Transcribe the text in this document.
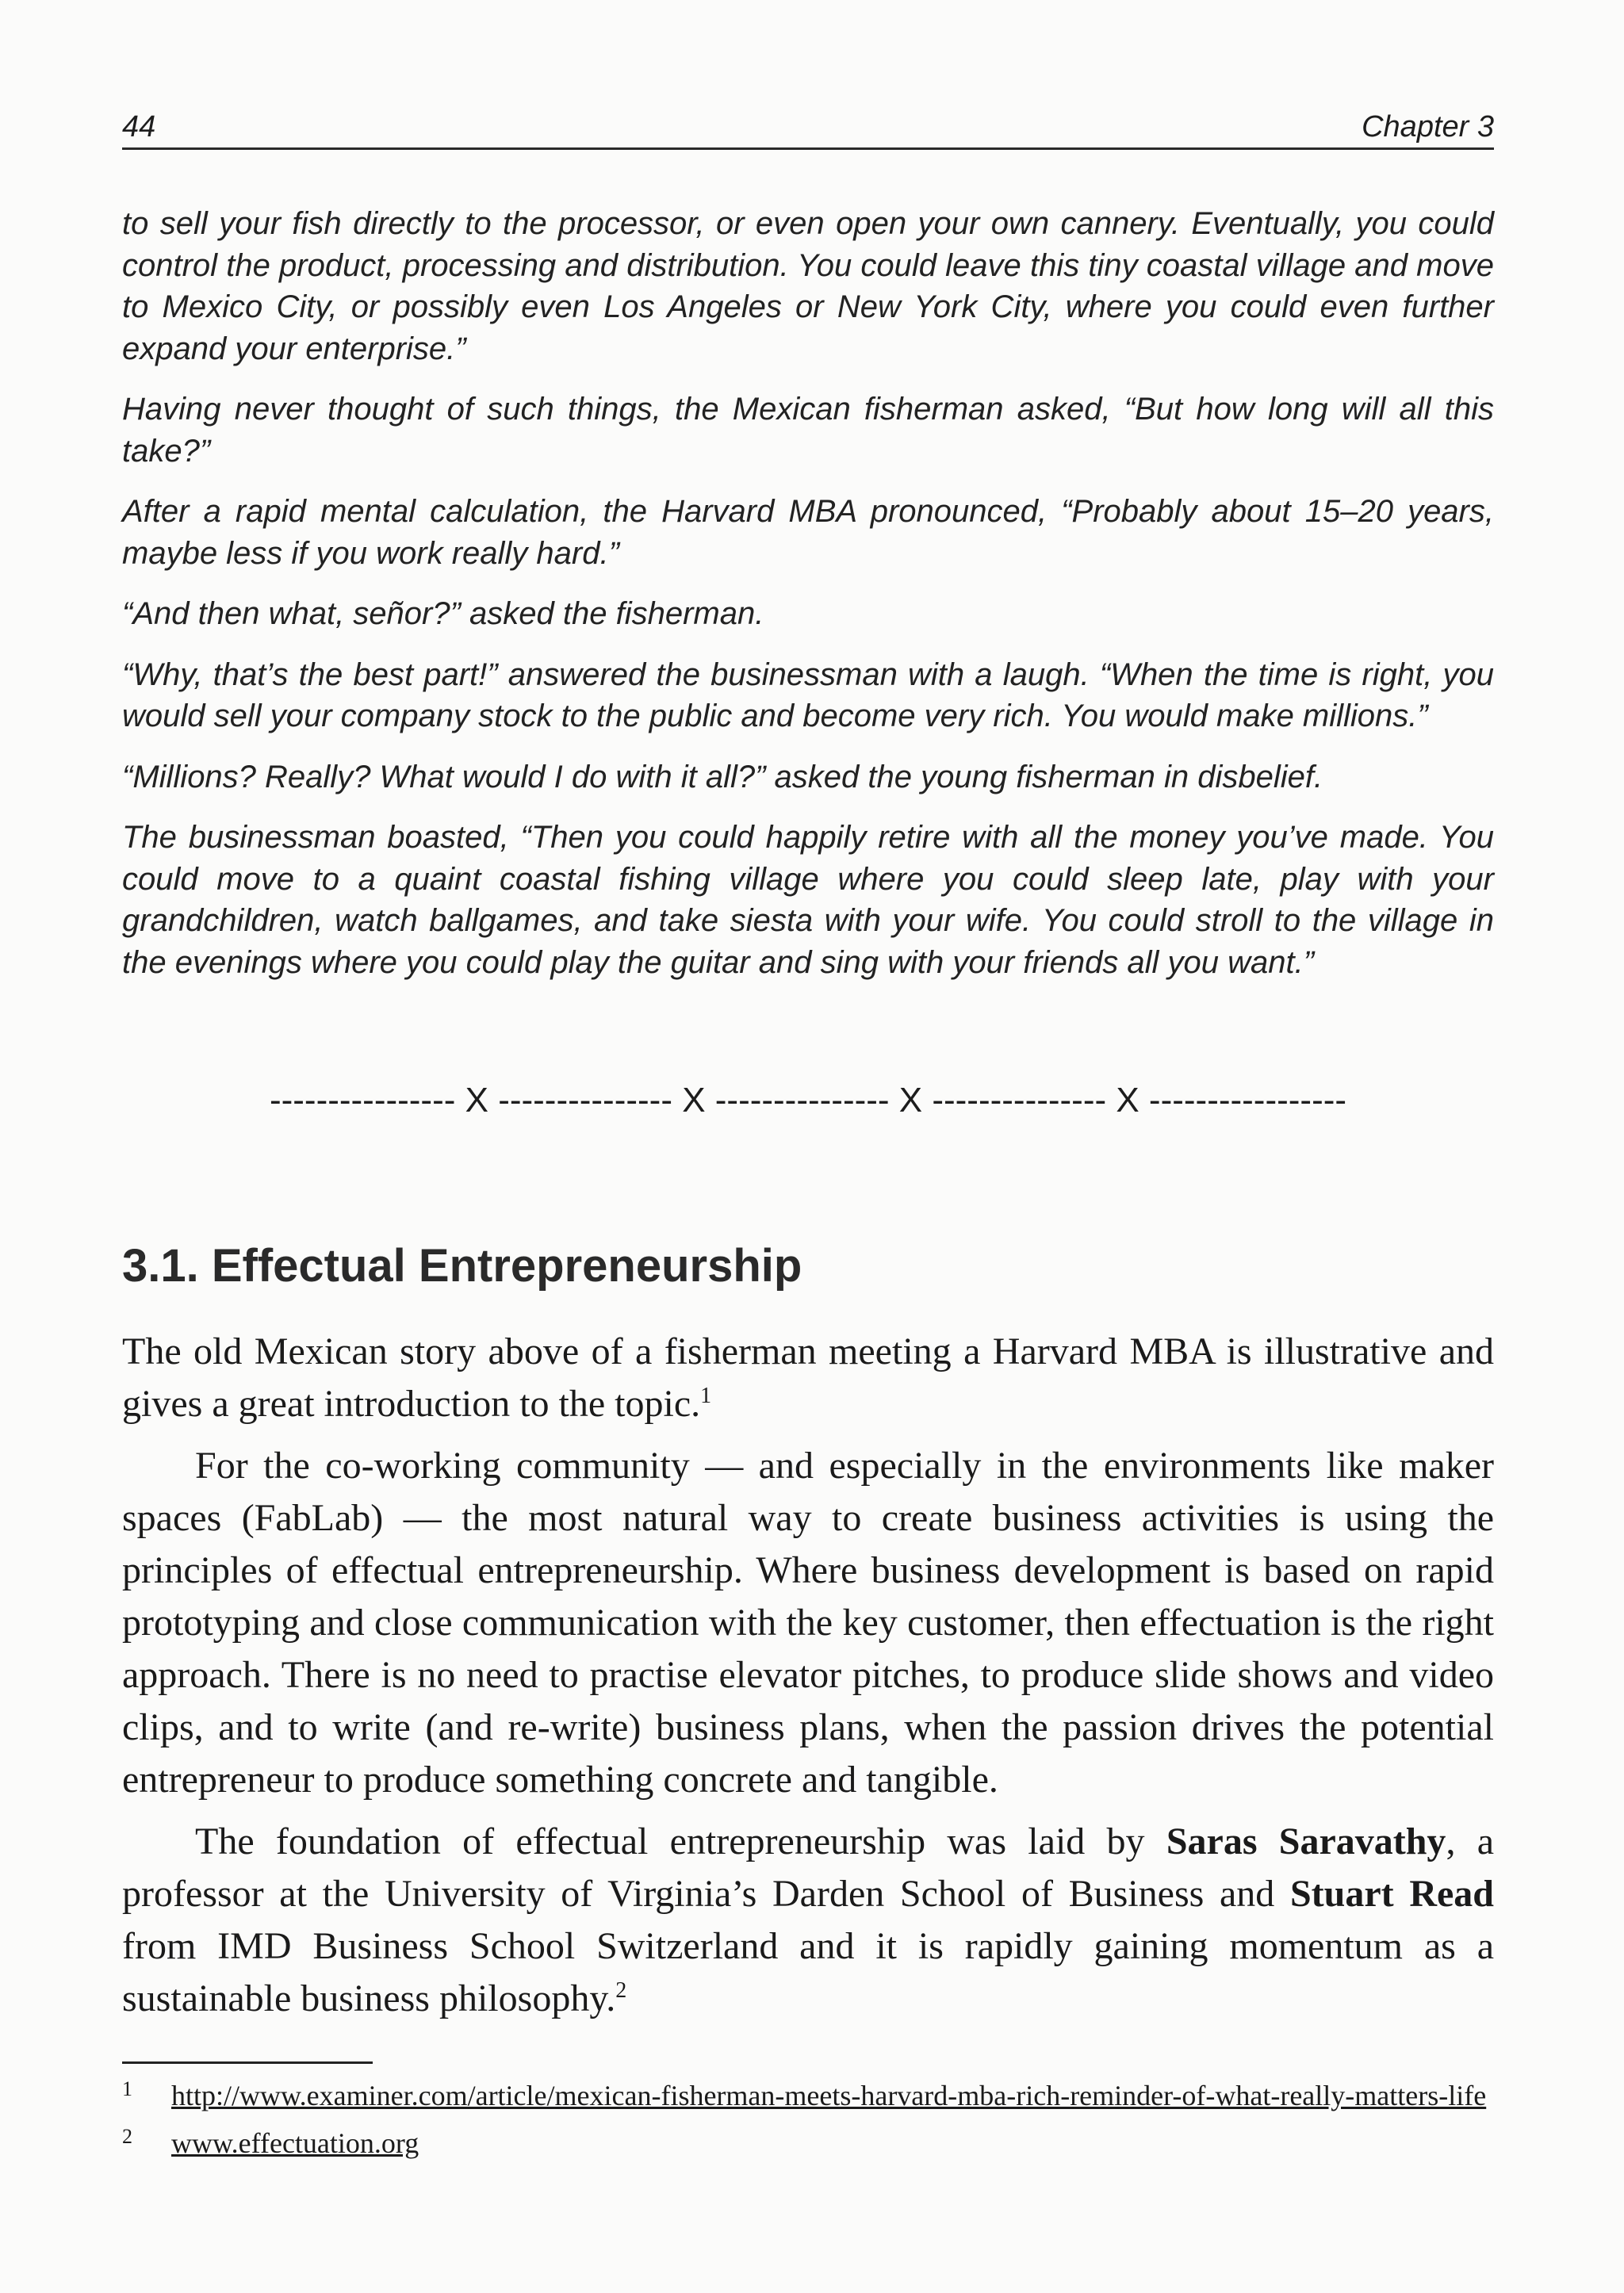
44	Chapter 3

to sell your fish directly to the processor, or even open your own cannery. Eventually, you could control the product, processing and distribution. You could leave this tiny coastal village and move to Mexico City, or possibly even Los Angeles or New York City, where you could even further expand your enterprise.”

Having never thought of such things, the Mexican fisherman asked, “But how long will all this take?”

After a rapid mental calculation, the Harvard MBA pronounced, “Probably about 15–20 years, maybe less if you work really hard.”

“And then what, señor?” asked the fisherman.

“Why, that’s the best part!” answered the businessman with a laugh. “When the time is right, you would sell your company stock to the public and become very rich. You would make millions.”

“Millions? Really? What would I do with it all?” asked the young fisherman in disbelief.

The businessman boasted, “Then you could happily retire with all the money you’ve made. You could move to a quaint coastal fishing village where you could sleep late, play with your grandchildren, watch ballgames, and take siesta with your wife. You could stroll to the village in the evenings where you could play the guitar and sing with your friends all you want.”

---------------- X --------------- X --------------- X --------------- X -----------------
3.1. Effectual Entrepreneurship

The old Mexican story above of a fisherman meeting a Harvard MBA is illustrative and gives a great introduction to the topic.$^1$

For the co-working community — and especially in the environments like maker spaces (FabLab) — the most natural way to create business activities is using the principles of effectual entrepreneurship. Where business development is based on rapid prototyping and close communication with the key customer, then effectuation is the right approach. There is no need to practise elevator pitches, to produce slide shows and video clips, and to write (and re-write) business plans, when the passion drives the potential entrepreneur to produce something concrete and tangible.

The foundation of effectual entrepreneurship was laid by Saras Saravathy, a professor at the University of Virginia’s Darden School of Business and Stuart Read from IMD Business School Switzerland and it is rapidly gaining momentum as a sustainable business philosophy.$^2$

1 http://www.examiner.com/article/mexican-fisherman-meets-harvard-mba-rich-reminder-of-what-really-matters-life

2 www.effectuation.org
